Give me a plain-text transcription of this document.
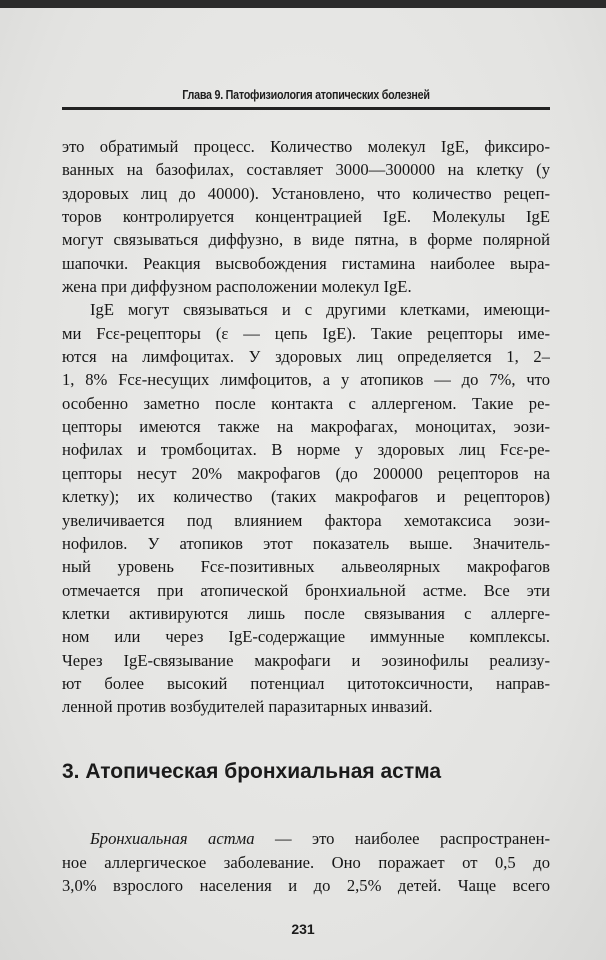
Глава 9. Патофизиология атопических болезней
это обратимый процесс. Количество молекул IgE, фиксиро-
ванных на базофилах, составляет 3000—300000 на клетку (у
здоровых лиц до 40000). Установлено, что количество рецеп-
торов контролируется концентрацией IgE. Молекулы IgE
могут связываться диффузно, в виде пятна, в форме полярной
шапочки. Реакция высвобождения гистамина наиболее выра-
жена при диффузном расположении молекул IgE.
IgE могут связываться и с другими клетками, имеющи-
ми Fcε-рецепторы (ε — цепь IgE). Такие рецепторы име-
ются на лимфоцитах. У здоровых лиц определяется 1, 2–
1, 8% Fcε-несущих лимфоцитов, а у атопиков — до 7%, что
особенно заметно после контакта с аллергеном. Такие ре-
цепторы имеются также на макрофагах, моноцитах, эози-
нофилах и тромбоцитах. В норме у здоровых лиц Fcε-ре-
цепторы несут 20% макрофагов (до 200000 рецепторов на
клетку); их количество (таких макрофагов и рецепторов)
увеличивается под влиянием фактора хемотаксиса эози-
нофилов. У атопиков этот показатель выше. Значитель-
ный уровень Fcε-позитивных альвеолярных макрофагов
отмечается при атопической бронхиальной астме. Все эти
клетки активируются лишь после связывания с аллерге-
ном или через IgE-содержащие иммунные комплексы.
Через IgE-связывание макрофаги и эозинофилы реализу-
ют более высокий потенциал цитотоксичности, направ-
ленной против возбудителей паразитарных инвазий.
3. Атопическая бронхиальная астма
Бронхиальная астма — это наиболее распространен-
ное аллергическое заболевание. Оно поражает от 0,5 до
3,0% взрослого населения и до 2,5% детей. Чаще всего
231
